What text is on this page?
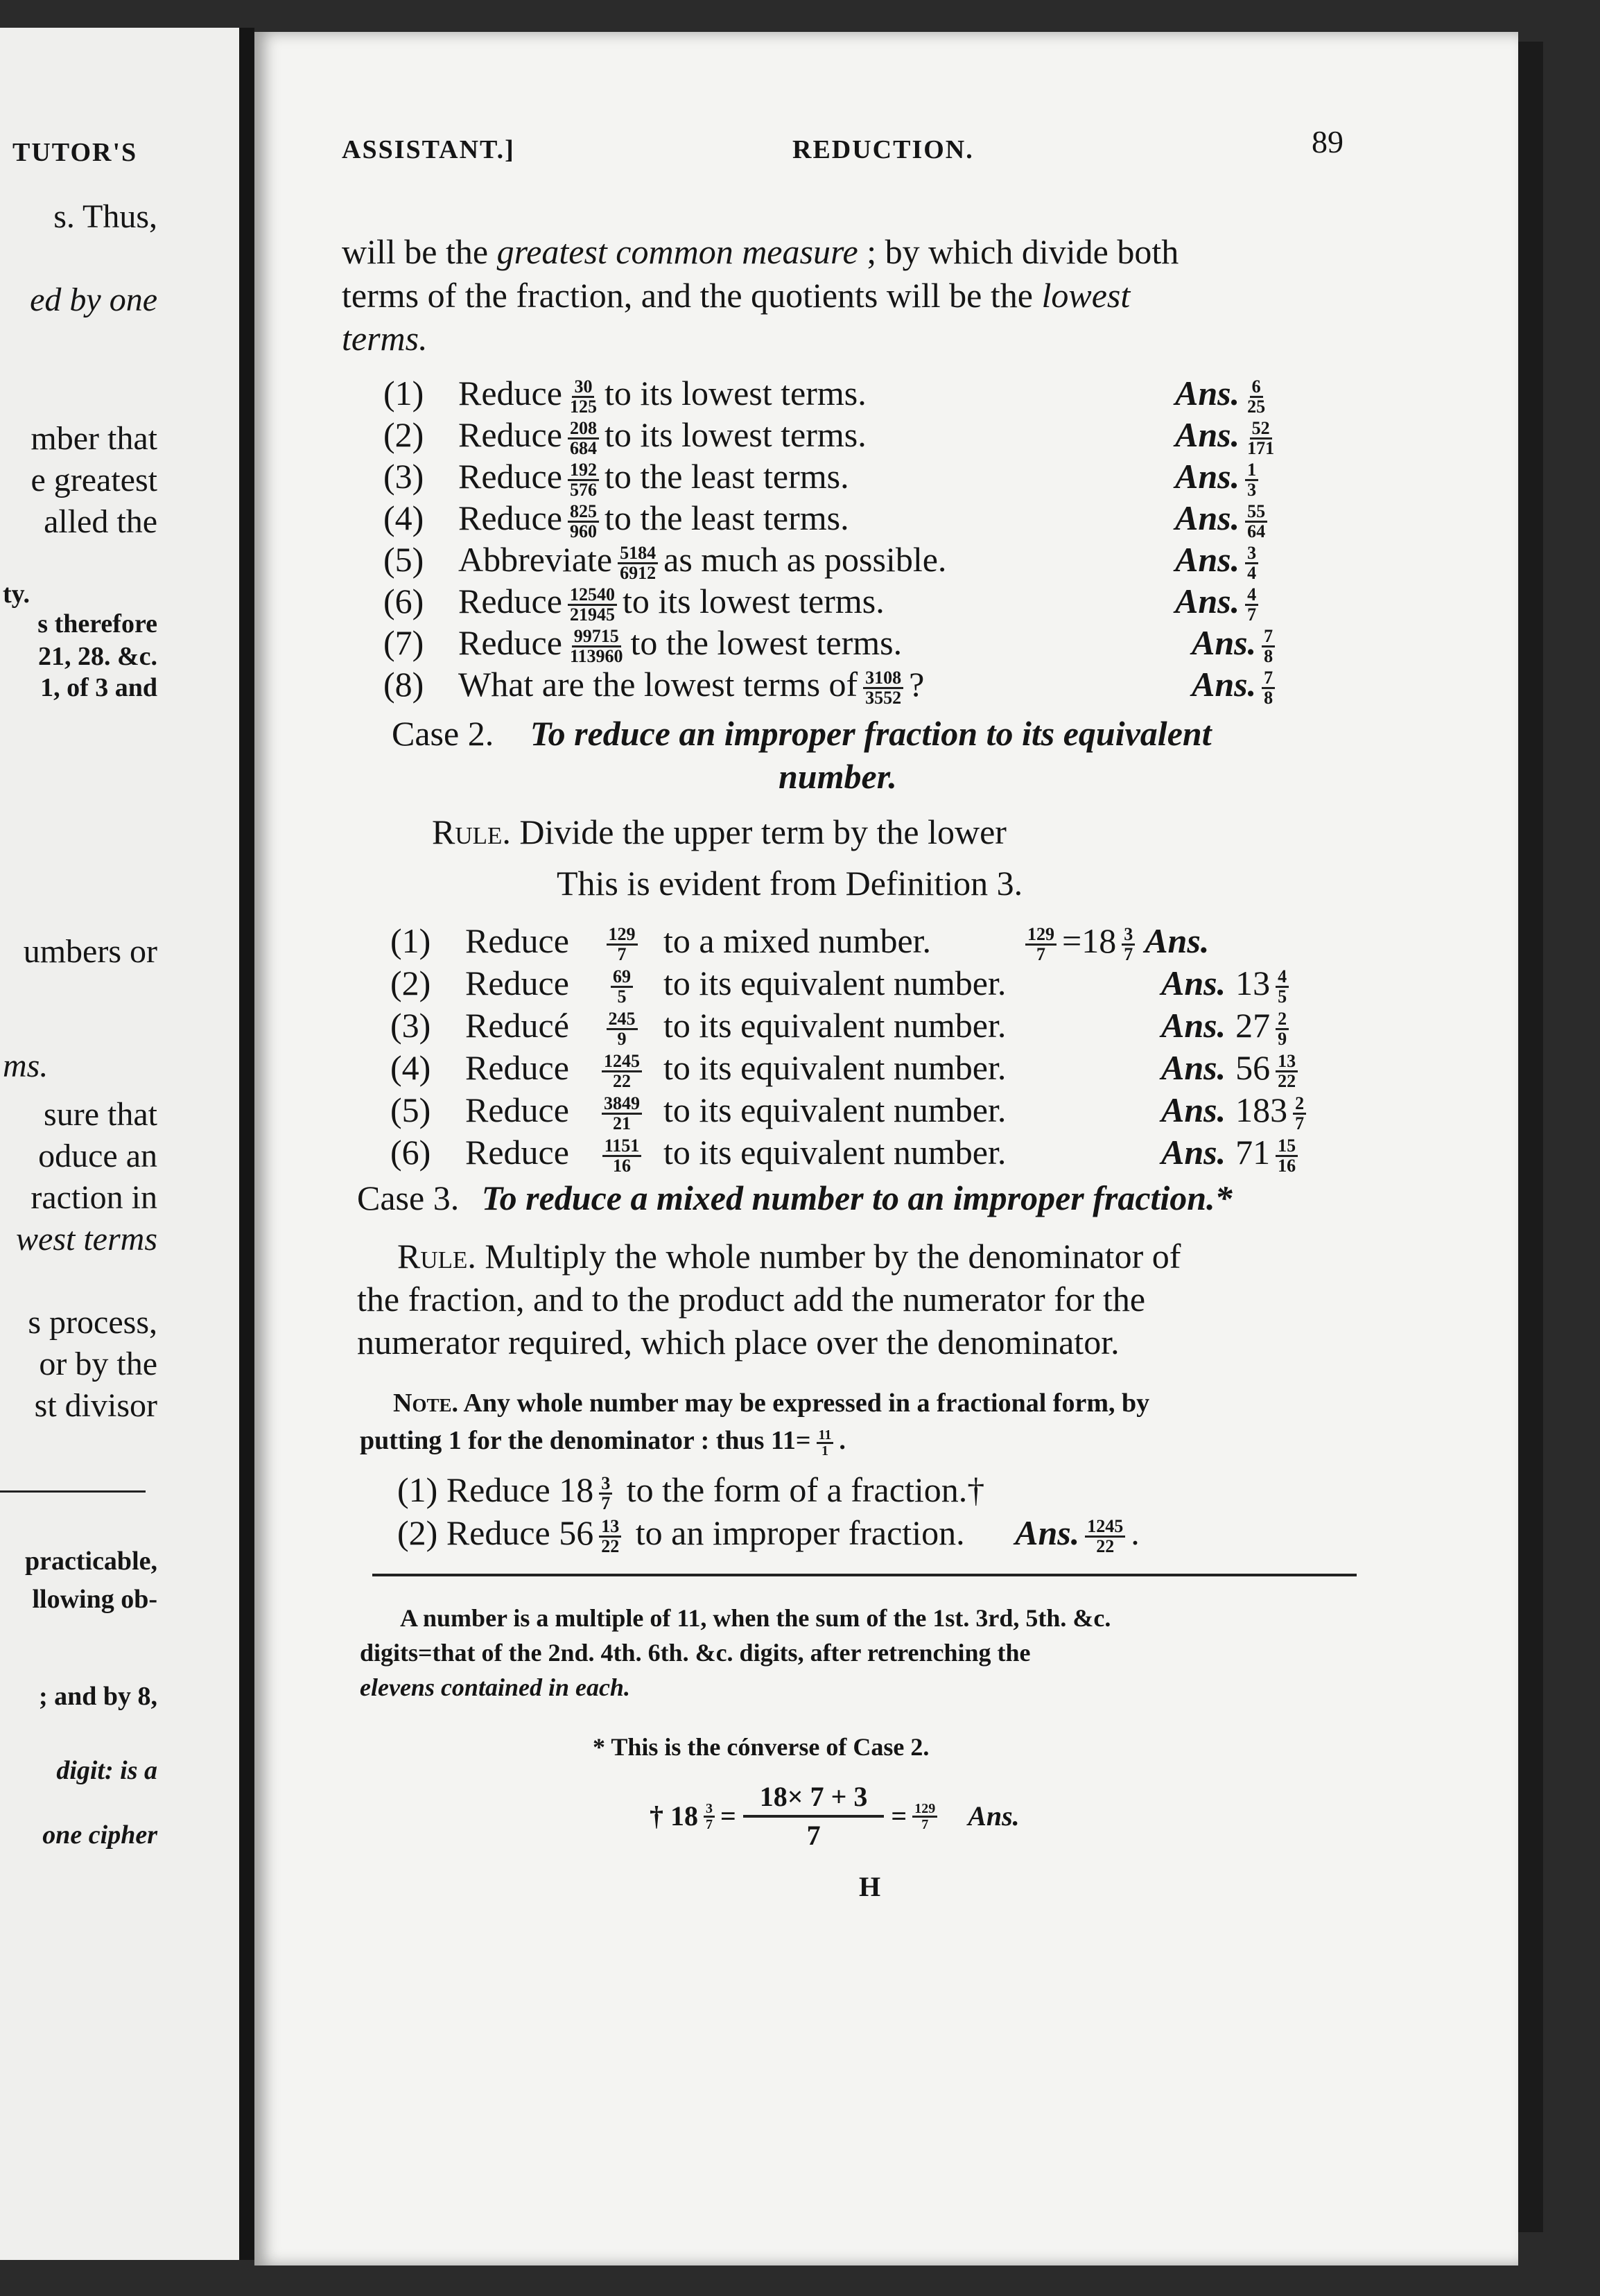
TUTOR'S
s. Thus,
ed by one
mber that
e greatest
alled the
ty.
s therefore
21, 28. &c.
1, of 3 and
umbers or
ms.
sure that
oduce an
raction in
west terms
s process,
or by the
st divisor
practicable,
llowing ob-
; and by 8,
digit: is a
one cipher
ASSISTANT.]	REDUCTION.	89
will be the greatest common measure ; by which divide both
terms of the fraction, and the quotients will be the lowest
terms.
(1) Reduce $\frac{30}{125}$ to its lowest terms.	Ans. $\frac{6}{25}$
(2) Reduce $\frac{208}{684}$ to its lowest terms.	Ans. $\frac{52}{171}$
(3) Reduce $\frac{192}{576}$ to the least terms.	Ans. $\frac{1}{3}$
(4) Reduce $\frac{825}{960}$ to the least terms.	Ans. $\frac{55}{64}$
(5) Abbreviate $\frac{5184}{6912}$ as much as possible.	Ans. $\frac{3}{4}$
(6) Reduce $\frac{12540}{21945}$ to its lowest terms.	Ans. $\frac{4}{7}$
(7) Reduce $\frac{99715}{113960}$ to the lowest terms.	Ans. $\frac{7}{8}$
(8) What are the lowest terms of $\frac{3108}{3552}$ ?	Ans. $\frac{7}{8}$
Case 2. To reduce an improper fraction to its equivalent
number.
Rule. Divide the upper term by the lower
This is evident from Definition 3.
(1) Reduce $\frac{129}{7}$ to a mixed number.	$\frac{129}{7} =18 \frac{3}{7}$ Ans.
(2) Reduce $\frac{69}{5}$ to its equivalent number.	Ans. $13 \frac{4}{5}$
(3) Reducé $\frac{245}{9}$ to its equivalent number.	Ans. $27 \frac{2}{9}$
(4) Reduce $\frac{1245}{22}$ to its equivalent number.	Ans. $56 \frac{13}{22}$
(5) Reduce $\frac{3849}{21}$ to its equivalent number.	Ans. $183 \frac{2}{7}$
(6) Reduce $\frac{1151}{16}$ to its equivalent number.	Ans. $71 \frac{15}{16}$
Case 3. To reduce a mixed number to an improper fraction.*
Rule. Multiply the whole number by the denominator of
the fraction, and to the product add the numerator for the
numerator required, which place over the denominator.
Note. Any whole number may be expressed in a fractional form, by
putting 1 for the denominator : thus $11= \frac{11}{1}$ .
(1) Reduce $18 \frac{3}{7}$ to the form of a fraction.†
(2) Reduce $56 \frac{13}{22}$ to an improper fraction. Ans. $\frac{1245}{22}$ .
A number is a multiple of 11, when the sum of the 1st. 3rd, 5th. &c.
digits=that of the 2nd. 4th. 6th. &c. digits, after retrenching the
elevens contained in each.
* This is the cónverse of Case 2.
† $18 \frac{3}{7} = \frac{18\times 7 + 3}{7} = \frac{129}{7}$ Ans.
H
